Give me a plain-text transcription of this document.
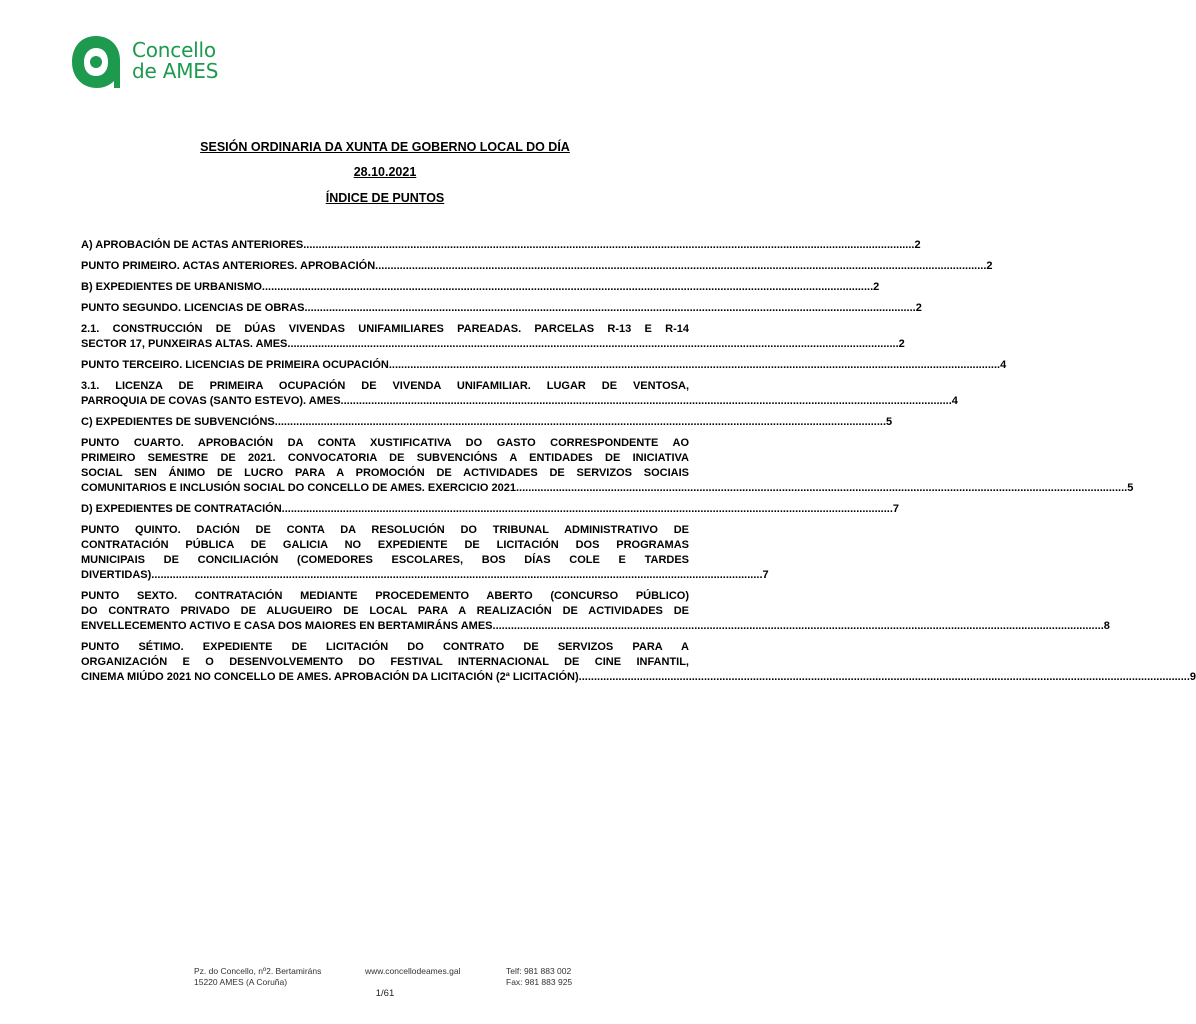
Concello
de AMES
SESIÓN ORDINARIA DA XUNTA DE GOBERNO LOCAL DO DÍA
28.10.2021
ÍNDICE DE PUNTOS
A) APROBACIÓN DE ACTAS ANTERIORES .....	2
PUNTO PRIMEIRO. ACTAS ANTERIORES. APROBACIÓN .....	2
B) EXPEDIENTES DE URBANISMO .....	2
PUNTO SEGUNDO. LICENCIAS DE OBRAS .....	2
2.1. CONSTRUCCIÓN DE DÚAS VIVENDAS UNIFAMILIARES PAREADAS. PARCELAS R-13 E R-14
SECTOR 17, PUNXEIRAS ALTAS. AMES .....	2
PUNTO TERCEIRO. LICENCIAS DE PRIMEIRA OCUPACIÓN .....	4
3.1. LICENZA DE PRIMEIRA OCUPACIÓN DE VIVENDA UNIFAMILIAR. LUGAR DE VENTOSA,
PARROQUIA DE COVAS (SANTO ESTEVO). AMES .....	4
C) EXPEDIENTES DE SUBVENCIÓNS .....	5
PUNTO CUARTO. APROBACIÓN DA CONTA XUSTIFICATIVA DO GASTO CORRESPONDENTE AO
PRIMEIRO SEMESTRE DE 2021. CONVOCATORIA DE SUBVENCIÓNS A ENTIDADES DE INICIATIVA
SOCIAL SEN ÁNIMO DE LUCRO PARA A PROMOCIÓN DE ACTIVIDADES DE SERVIZOS SOCIAIS
COMUNITARIOS E INCLUSIÓN SOCIAL DO CONCELLO DE AMES. EXERCICIO 2021 .....	5
D) EXPEDIENTES DE CONTRATACIÓN .....	7
PUNTO QUINTO. DACIÓN DE CONTA DA RESOLUCIÓN DO TRIBUNAL ADMINISTRATIVO DE
CONTRATACIÓN PÚBLICA DE GALICIA NO EXPEDIENTE DE LICITACIÓN DOS PROGRAMAS
MUNICIPAIS DE CONCILIACIÓN (COMEDORES ESCOLARES, BOS DÍAS COLE E TARDES
DIVERTIDAS) .....	7
PUNTO SEXTO. CONTRATACIÓN MEDIANTE PROCEDEMENTO ABERTO (CONCURSO PÚBLICO)
DO CONTRATO PRIVADO DE ALUGUEIRO DE LOCAL PARA A REALIZACIÓN DE ACTIVIDADES DE
ENVELLECEMENTO ACTIVO E CASA DOS MAIORES EN BERTAMIRÁNS AMES .....	8
PUNTO SÉTIMO. EXPEDIENTE DE LICITACIÓN DO CONTRATO DE SERVIZOS PARA A
ORGANIZACIÓN E O DESENVOLVEMENTO DO FESTIVAL INTERNACIONAL DE CINE INFANTIL,
CINEMA MIÚDO 2021 NO CONCELLO DE AMES. APROBACIÓN DA LICITACIÓN (2ª LICITACIÓN) .....	9
Pz. do Concello, nº2. Bertamiráns
15220 AMES (A Coruña)
www.concellodeames.gal	Telf: 981 883 002
Fax: 981 883 925
1/61
